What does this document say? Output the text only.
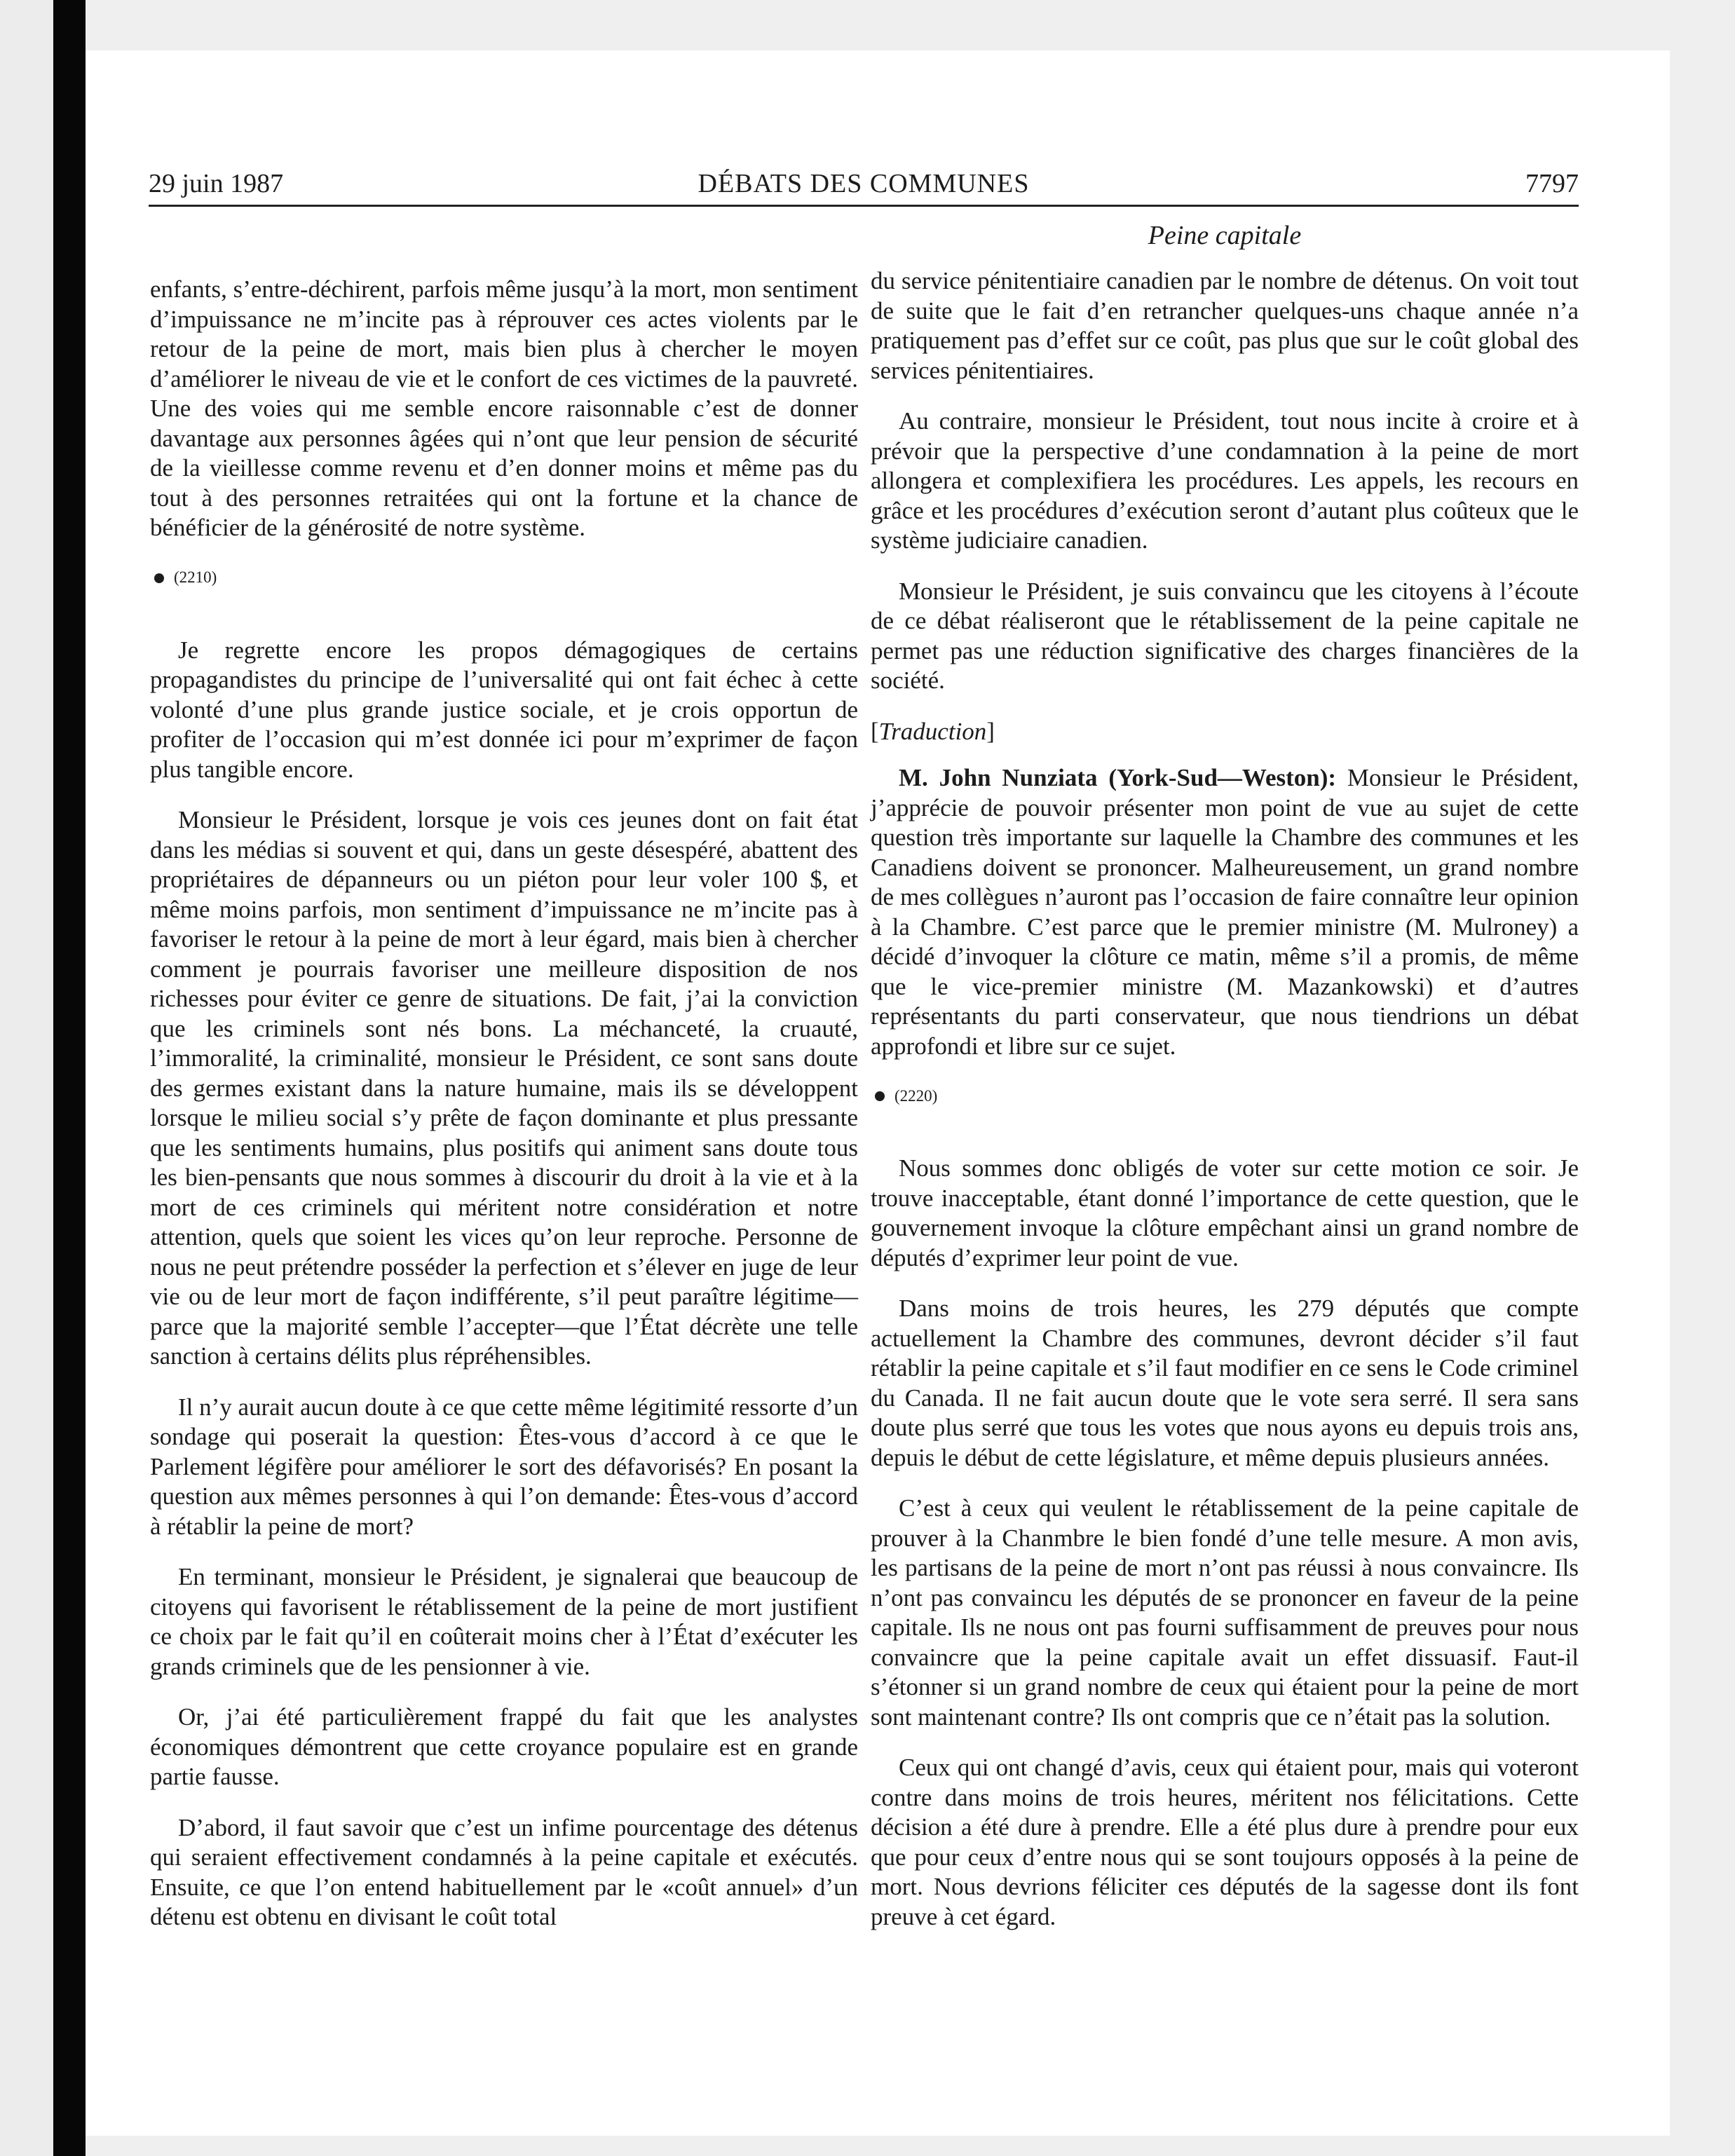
29 juin 1987	DÉBATS DES COMMUNES	7797
Peine capitale

enfants, s’entre-déchirent, parfois même jusqu’à la mort, mon sentiment d’impuissance ne m’incite pas à réprouver ces actes violents par le retour de la peine de mort, mais bien plus à chercher le moyen d’améliorer le niveau de vie et le confort de ces victimes de la pauvreté. Une des voies qui me semble encore raisonnable c’est de donner davantage aux personnes âgées qui n’ont que leur pension de sécurité de la vieillesse comme revenu et d’en donner moins et même pas du tout à des personnes retraitées qui ont la fortune et la chance de bénéficier de la générosité de notre système.

(2210)

Je regrette encore les propos démagogiques de certains propagandistes du principe de l’universalité qui ont fait échec à cette volonté d’une plus grande justice sociale, et je crois opportun de profiter de l’occasion qui m’est donnée ici pour m’exprimer de façon plus tangible encore.

Monsieur le Président, lorsque je vois ces jeunes dont on fait état dans les médias si souvent et qui, dans un geste désespéré, abattent des propriétaires de dépanneurs ou un piéton pour leur voler 100 $, et même moins parfois, mon sentiment d’impuissance ne m’incite pas à favoriser le retour à la peine de mort à leur égard, mais bien à chercher comment je pourrais favoriser une meilleure disposition de nos richesses pour éviter ce genre de situations. De fait, j’ai la conviction que les criminels sont nés bons. La méchanceté, la cruauté, l’immoralité, la criminalité, monsieur le Président, ce sont sans doute des germes existant dans la nature humaine, mais ils se développent lorsque le milieu social s’y prête de façon dominante et plus pressante que les sentiments humains, plus positifs qui animent sans doute tous les bien-pensants que nous sommes à discourir du droit à la vie et à la mort de ces criminels qui méritent notre considération et notre attention, quels que soient les vices qu’on leur reproche. Personne de nous ne peut prétendre posséder la perfection et s’élever en juge de leur vie ou de leur mort de façon indifférente, s’il peut paraître légitime—parce que la majorité semble l’accepter—que l’État décrète une telle sanction à certains délits plus répréhensibles.

Il n’y aurait aucun doute à ce que cette même légitimité ressorte d’un sondage qui poserait la question: Êtes-vous d’accord à ce que le Parlement légifère pour améliorer le sort des défavorisés? En posant la question aux mêmes personnes à qui l’on demande: Êtes-vous d’accord à rétablir la peine de mort?

En terminant, monsieur le Président, je signalerai que beaucoup de citoyens qui favorisent le rétablissement de la peine de mort justifient ce choix par le fait qu’il en coûterait moins cher à l’État d’exécuter les grands criminels que de les pensionner à vie.

Or, j’ai été particulièrement frappé du fait que les analystes économiques démontrent que cette croyance populaire est en grande partie fausse.

D’abord, il faut savoir que c’est un infime pourcentage des détenus qui seraient effectivement condamnés à la peine capitale et exécutés. Ensuite, ce que l’on entend habituellement par le «coût annuel» d’un détenu est obtenu en divisant le coût total

du service pénitentiaire canadien par le nombre de détenus. On voit tout de suite que le fait d’en retrancher quelques-uns chaque année n’a pratiquement pas d’effet sur ce coût, pas plus que sur le coût global des services pénitentiaires.

Au contraire, monsieur le Président, tout nous incite à croire et à prévoir que la perspective d’une condamnation à la peine de mort allongera et complexifiera les procédures. Les appels, les recours en grâce et les procédures d’exécution seront d’autant plus coûteux que le système judiciaire canadien.

Monsieur le Président, je suis convaincu que les citoyens à l’écoute de ce débat réaliseront que le rétablissement de la peine capitale ne permet pas une réduction significative des charges financières de la société.

[Traduction]

M. John Nunziata (York-Sud—Weston): Monsieur le Président, j’apprécie de pouvoir présenter mon point de vue au sujet de cette question très importante sur laquelle la Chambre des communes et les Canadiens doivent se prononcer. Malheureusement, un grand nombre de mes collègues n’auront pas l’occasion de faire connaître leur opinion à la Chambre. C’est parce que le premier ministre (M. Mulroney) a décidé d’invoquer la clôture ce matin, même s’il a promis, de même que le vice-premier ministre (M. Mazankowski) et d’autres représentants du parti conservateur, que nous tiendrions un débat approfondi et libre sur ce sujet.

(2220)

Nous sommes donc obligés de voter sur cette motion ce soir. Je trouve inacceptable, étant donné l’importance de cette question, que le gouvernement invoque la clôture empêchant ainsi un grand nombre de députés d’exprimer leur point de vue.

Dans moins de trois heures, les 279 députés que compte actuellement la Chambre des communes, devront décider s’il faut rétablir la peine capitale et s’il faut modifier en ce sens le Code criminel du Canada. Il ne fait aucun doute que le vote sera serré. Il sera sans doute plus serré que tous les votes que nous ayons eu depuis trois ans, depuis le début de cette législature, et même depuis plusieurs années.

C’est à ceux qui veulent le rétablissement de la peine capitale de prouver à la Chanmbre le bien fondé d’une telle mesure. A mon avis, les partisans de la peine de mort n’ont pas réussi à nous convaincre. Ils n’ont pas convaincu les députés de se prononcer en faveur de la peine capitale. Ils ne nous ont pas fourni suffisamment de preuves pour nous convaincre que la peine capitale avait un effet dissuasif. Faut-il s’étonner si un grand nombre de ceux qui étaient pour la peine de mort sont maintenant contre? Ils ont compris que ce n’était pas la solution.

Ceux qui ont changé d’avis, ceux qui étaient pour, mais qui voteront contre dans moins de trois heures, méritent nos félicitations. Cette décision a été dure à prendre. Elle a été plus dure à prendre pour eux que pour ceux d’entre nous qui se sont toujours opposés à la peine de mort. Nous devrions féliciter ces députés de la sagesse dont ils font preuve à cet égard.
